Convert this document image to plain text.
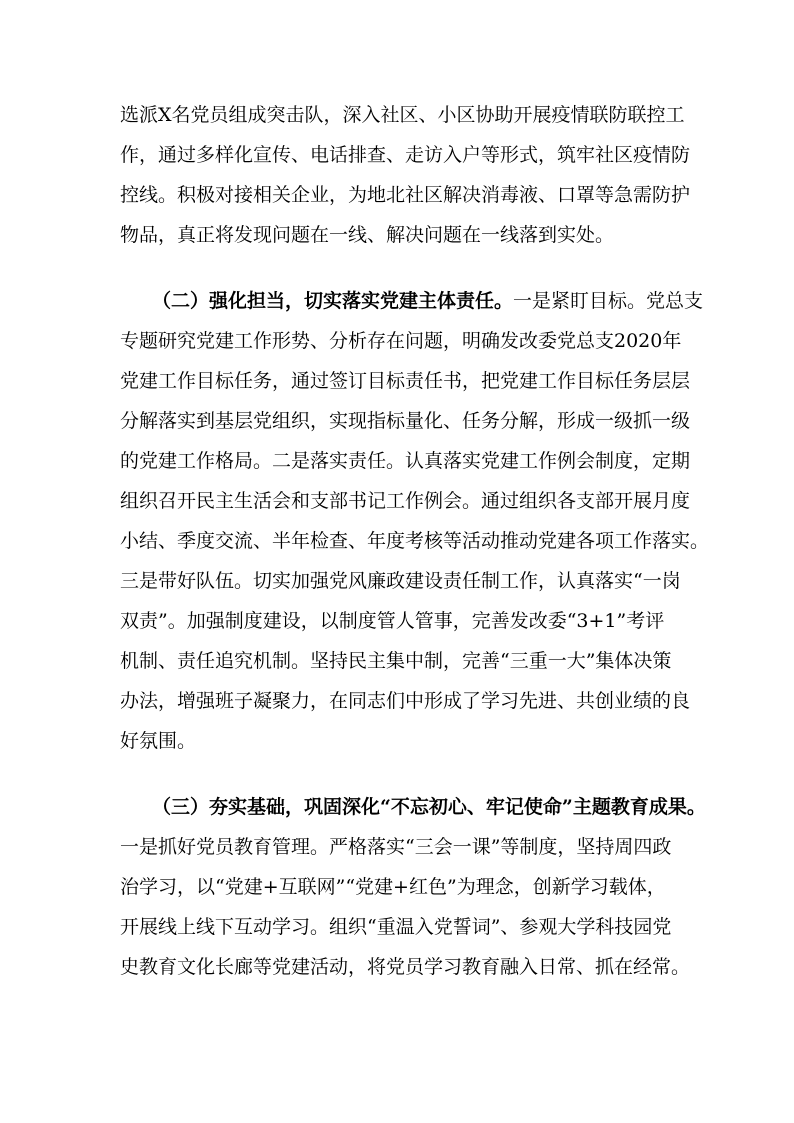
选派X名党员组成突击队，深入社区、小区协助开展疫情联防联控工
作，通过多样化宣传、电话排查、走访入户等形式，筑牢社区疫情防
控线。积极对接相关企业，为地北社区解决消毒液、口罩等急需防护
物品，真正将发现问题在一线、解决问题在一线落到实处。
（二）强化担当，切实落实党建主体责任。一是紧盯目标。党总支
专题研究党建工作形势、分析存在问题，明确发改委党总支2020年
党建工作目标任务，通过签订目标责任书，把党建工作目标任务层层
分解落实到基层党组织，实现指标量化、任务分解，形成一级抓一级
的党建工作格局。二是落实责任。认真落实党建工作例会制度，定期
组织召开民主生活会和支部书记工作例会。通过组织各支部开展月度
小结、季度交流、半年检查、年度考核等活动推动党建各项工作落实。
三是带好队伍。切实加强党风廉政建设责任制工作，认真落实“一岗
双责”。加强制度建设，以制度管人管事，完善发改委“3+1”考评
机制、责任追究机制。坚持民主集中制，完善“三重一大”集体决策
办法，增强班子凝聚力，在同志们中形成了学习先进、共创业绩的良
好氛围。
（三）夯实基础，巩固深化“不忘初心、牢记使命”主题教育成果。
一是抓好党员教育管理。严格落实“三会一课”等制度，坚持周四政
治学习，以“党建+互联网”“党建+红色”为理念，创新学习载体，
开展线上线下互动学习。组织“重温入党誓词”、参观大学科技园党
史教育文化长廊等党建活动，将党员学习教育融入日常、抓在经常。
